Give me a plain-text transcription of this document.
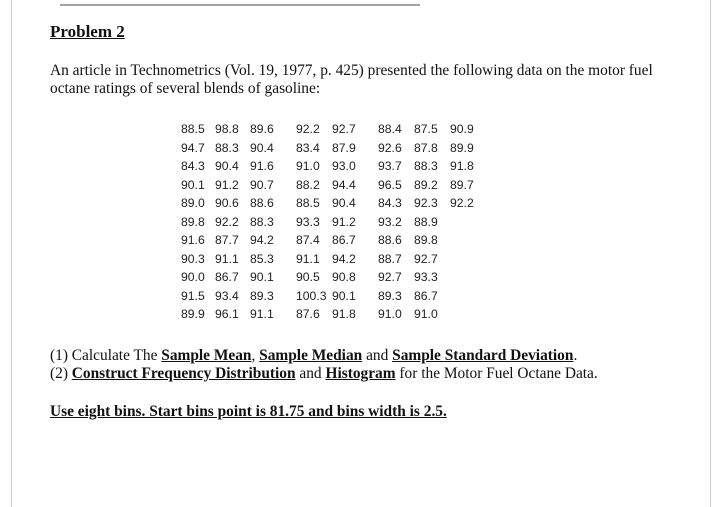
Problem 2
An article in Technometrics (Vol. 19, 1977, p. 425) presented the following data on the motor fuel octane ratings of several blends of gasoline:
88.5	98.8	89.6	92.2	92.7	88.4	87.5	90.9
94.7	88.3	90.4	83.4	87.9	92.6	87.8	89.9
84.3	90.4	91.6	91.0	93.0	93.7	88.3	91.8
90.1	91.2	90.7	88.2	94.4	96.5	89.2	89.7
89.0	90.6	88.6	88.5	90.4	84.3	92.3	92.2
89.8	92.2	88.3	93.3	91.2	93.2	88.9	
91.6	87.7	94.2	87.4	86.7	88.6	89.8	
90.3	91.1	85.3	91.1	94.2	88.7	92.7	
90.0	86.7	90.1	90.5	90.8	92.7	93.3	
91.5	93.4	89.3	100.3	90.1	89.3	86.7	
89.9	96.1	91.1	87.6	91.8	91.0	91.0	
(1) Calculate The Sample Mean, Sample Median and Sample Standard Deviation.
(2) Construct Frequency Distribution and Histogram for the Motor Fuel Octane Data.
Use eight bins. Start bins point is 81.75 and bins width is 2.5.
